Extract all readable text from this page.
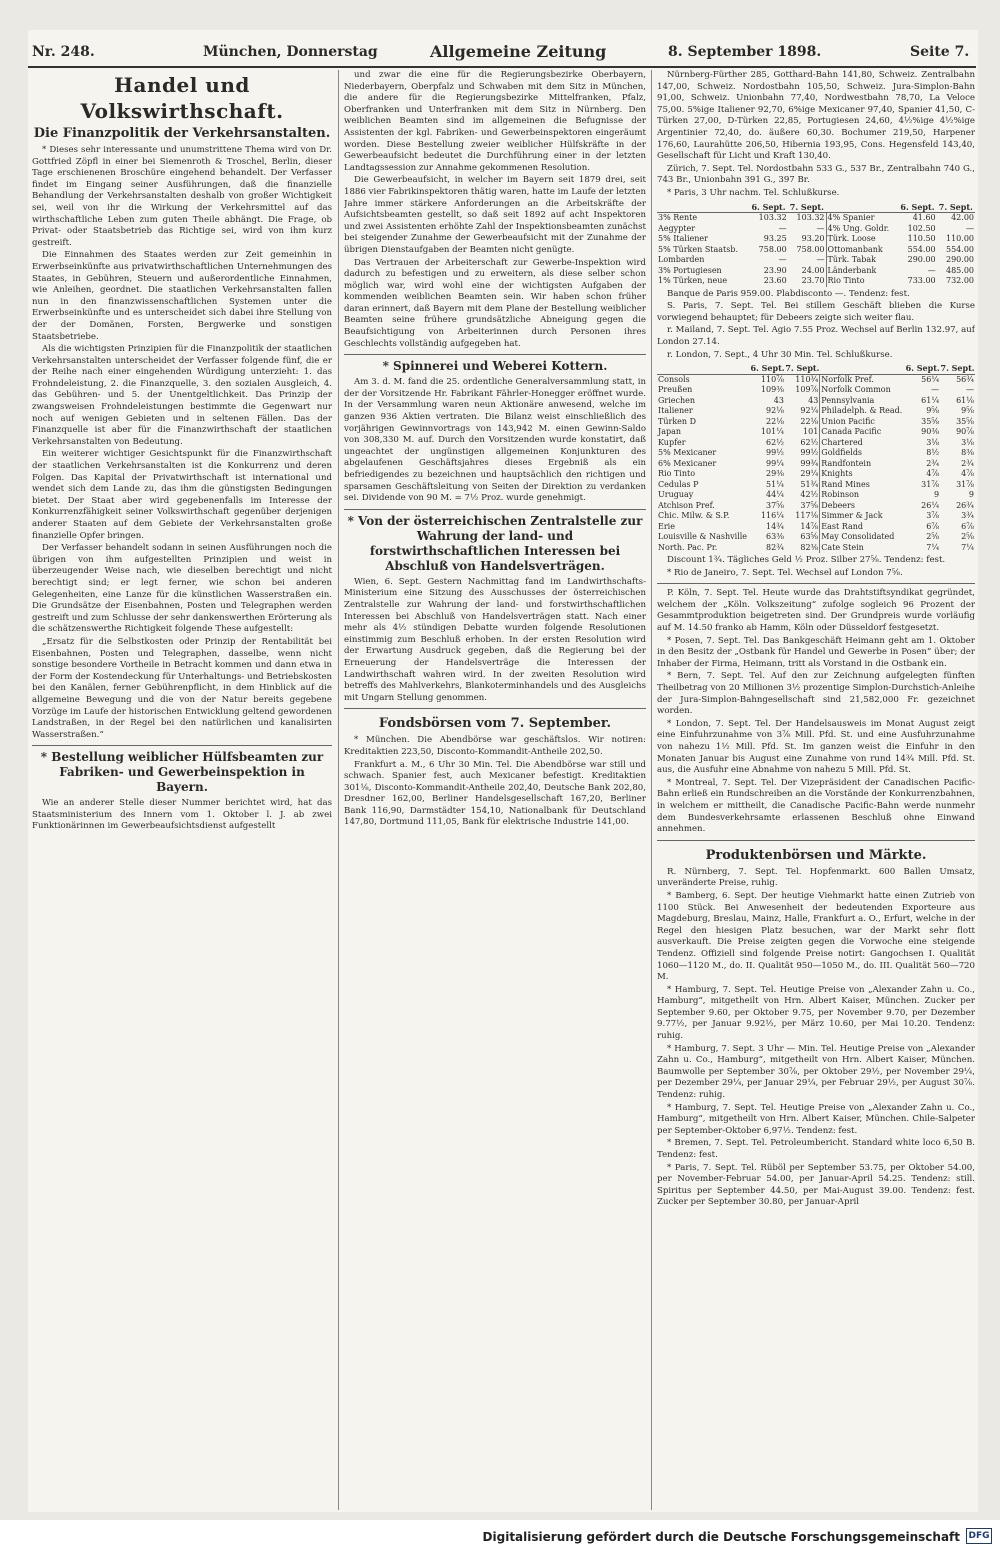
Nr. 248.	München, Donnerstag	Allgemeine Zeitung	8. September 1898.	Seite 7.
Handel und Volkswirthschaft.
Die Finanzpolitik der Verkehrsanstalten.

* Dieses sehr interessante und unumstrittene Thema wird von Dr. Gottfried Zöpfl in einer bei Siemenroth & Troschel, Berlin, dieser Tage erschienenen Broschüre eingehend behandelt. Der Verfasser findet im Eingang seiner Ausführungen, daß die finanzielle Behandlung der Verkehrsanstalten deshalb von großer Wichtigkeit sei, weil von ihr die Wirkung der Verkehrsmittel auf das wirthschaftliche Leben zum guten Theile abhängt. Die Frage, ob Privat- oder Staatsbetrieb das Richtige sei, wird von ihm kurz gestreift.

Die Einnahmen des Staates werden zur Zeit gemeinhin in Erwerbseinkünfte aus privatwirthschaftlichen Unternehmungen des Staates, in Gebühren, Steuern und außerordentliche Einnahmen, wie Anleihen, geordnet. Die staatlichen Verkehrsanstalten fallen nun in den finanzwissenschaftlichen Systemen unter die Erwerbseinkünfte und es unterscheidet sich dabei ihre Stellung von der der Domänen, Forsten, Bergwerke und sonstigen Staatsbetriebe.

Als die wichtigsten Prinzipien für die Finanzpolitik der staatlichen Verkehrsanstalten unterscheidet der Verfasser folgende fünf, die er der Reihe nach einer eingehenden Würdigung unterzieht: 1. das Frohndeleistung, 2. die Finanzquelle, 3. den sozialen Ausgleich, 4. das Gebühren- und 5. der Unentgeltlichkeit. Das Prinzip der zwangsweisen Frohndeleistungen bestimmte die Gegenwart nur noch auf wenigen Gebieten und in seltenen Fällen. Das der Finanzquelle ist aber für die Finanzwirthschaft der staatlichen Verkehrsanstalten von Bedeutung.

Ein weiterer wichtiger Gesichtspunkt für die Finanzwirthschaft der staatlichen Verkehrsanstalten ist die Konkurrenz und deren Folgen. Das Kapital der Privatwirthschaft ist international und wendet sich dem Lande zu, das ihm die günstigsten Bedingungen bietet. Der Staat aber wird gegebenenfalls im Interesse der Konkurrenzfähigkeit seiner Volkswirthschaft gegenüber derjenigen anderer Staaten auf dem Gebiete der Verkehrsanstalten große finanzielle Opfer bringen.

Der Verfasser behandelt sodann in seinen Ausführungen noch die übrigen von ihm aufgestellten Prinzipien und weist in überzeugender Weise nach, wie dieselben berechtigt und nicht berechtigt sind; er legt ferner, wie schon bei anderen Gelegenheiten, eine Lanze für die künstlichen Wasserstraßen ein. Die Grundsätze der Eisenbahnen, Posten und Telegraphen werden gestreift und zum Schlusse der sehr dankenswerthen Erörterung als die schätzenswerthe Richtigkeit folgende These aufgestellt:

„Ersatz für die Selbstkosten oder Prinzip der Rentabilität bei Eisenbahnen, Posten und Telegraphen, dasselbe, wenn nicht sonstige besondere Vortheile in Betracht kommen und dann etwa in der Form der Kostendeckung für Unterhaltungs- und Betriebskosten bei den Kanälen, ferner Gebührenpflicht, in dem Hinblick auf die allgemeine Bewegung und die von der Natur bereits gegebene Vorzüge im Laufe der historischen Entwicklung geltend gewordenen Landstraßen, in der Regel bei den natürlichen und kanalisirten Wasserstraßen.“

* Bestellung weiblicher Hülfsbeamten zur Fabriken- und Gewerbeinspektion in Bayern.

Wie an anderer Stelle dieser Nummer berichtet wird, hat das Staatsministerium des Innern vom 1. Oktober l. J. ab zwei Funktionärinnen im Gewerbeaufsichtsdienst aufgestellt

und zwar die eine für die Regierungsbezirke Oberbayern, Niederbayern, Oberpfalz und Schwaben mit dem Sitz in München, die andere für die Regierungsbezirke Mittelfranken, Pfalz, Oberfranken und Unterfranken mit dem Sitz in Nürnberg. Den weiblichen Beamten sind im allgemeinen die Befugnisse der Assistenten der kgl. Fabriken- und Gewerbeinspektoren eingeräumt worden. Diese Bestellung zweier weiblicher Hülfskräfte in der Gewerbeaufsicht bedeutet die Durchführung einer in der letzten Landtagssession zur Annahme gekommenen Resolution.

Die Gewerbeaufsicht, in welcher im Bayern seit 1879 drei, seit 1886 vier Fabrikinspektoren thätig waren, hatte im Laufe der letzten Jahre immer stärkere Anforderungen an die Arbeitskräfte der Aufsichtsbeamten gestellt, so daß seit 1892 auf acht Inspektoren und zwei Assistenten erhöhte Zahl der Inspektionsbeamten zunächst bei steigender Zunahme der Gewerbeaufsicht mit der Zunahme der übrigen Dienstaufgaben der Beamten nicht genügte.

Das Vertrauen der Arbeiterschaft zur Gewerbe-Inspektion wird dadurch zu befestigen und zu erweitern, als diese selber schon möglich war, wird wohl eine der wichtigsten Aufgaben der kommenden weiblichen Beamten sein. Wir haben schon früher daran erinnert, daß Bayern mit dem Plane der Bestellung weiblicher Beamten seine frühere grundsätzliche Abneigung gegen die Beaufsichtigung von Arbeiterinnen durch Personen ihres Geschlechts vollständig aufgegeben hat.

* Spinnerei und Weberei Kottern.

Am 3. d. M. fand die 25. ordentliche Generalversammlung statt, in der der Vorsitzende Hr. Fabrikant Fährler-Honegger eröffnet wurde. In der Versammlung waren neun Aktionäre anwesend, welche im ganzen 936 Aktien vertraten. Die Bilanz weist einschließlich des vorjährigen Gewinnvortrags von 143,942 M. einen Gewinn-Saldo von 308,330 M. auf. Durch den Vorsitzenden wurde konstatirt, daß ungeachtet der ungünstigen allgemeinen Konjunkturen des abgelaufenen Geschäftsjahres dieses Ergebniß als ein befriedigendes zu bezeichnen und hauptsächlich den richtigen und sparsamen Geschäftsleitung von Seiten der Direktion zu verdanken sei. Dividende von 90 M. = 7½ Proz. wurde genehmigt.

* Von der österreichischen Zentralstelle zur Wahrung der land- und forstwirthschaftlichen Interessen bei Abschluß von Handelsverträgen.

Wien, 6. Sept. Gestern Nachmittag fand im Landwirthschafts-Ministerium eine Sitzung des Ausschusses der österreichischen Zentralstelle zur Wahrung der land- und forstwirthschaftlichen Interessen bei Abschluß von Handelsverträgen statt. Nach einer mehr als 4½ stündigen Debatte wurden folgende Resolutionen einstimmig zum Beschluß erhoben. In der ersten Resolution wird der Erwartung Ausdruck gegeben, daß die Regierung bei der Erneuerung der Handelsverträge die Interessen der Landwirthschaft wahren wird. In der zweiten Resolution wird betreffs des Mahlverkehrs, Blankoterminhandels und des Ausgleichs mit Ungarn Stellung genommen.

Fondsbörsen vom 7. September.

* München. Die Abendbörse war geschäftslos. Wir notiren: Kreditaktien 223,50, Disconto-Kommandit-Antheile 202,50.

Frankfurt a. M., 6 Uhr 30 Min. Tel. Die Abendbörse war still und schwach. Spanier fest, auch Mexicaner befestigt. Kreditaktien 301⅛, Disconto-Kommandit-Antheile 202,40, Deutsche Bank 202,80, Dresdner 162,00, Berliner Handelsgesellschaft 167,20, Berliner Bank 116,90, Darmstädter 154,10, Nationalbank für Deutschland 147,80, Dortmund 111,05, Bank für elektrische Industrie 141,00.

Nürnberg-Fürther 285, Gotthard-Bahn 141,80, Schweiz. Zentralbahn 147,00, Schweiz. Nordostbahn 105,50, Schweiz. Jura-Simplon-Bahn 91,00, Schweiz. Unionbahn 77,40, Nordwestbahn 78,70, La Veloce 75,00. 5%ige Italiener 92,70, 6%ige Mexicaner 97,40, Spanier 41,50, C-Türken 27,00, D-Türken 22,85, Portugiesen 24,60, 4½%ige 4½%ige Argentinier 72,40, do. äußere 60,30. Bochumer 219,50, Harpener 176,60, Laurahütte 206,50, Hibernia 193,95, Cons. Hegensfeld 143,40, Gesellschaft für Licht und Kraft 130,40.

Zürich, 7. Sept. Tel. Nordostbahn 533 G., 537 Br., Zentralbahn 740 G., 743 Br., Unionbahn 391 G., 397 Br.

* Paris, 3 Uhr nachm. Tel. Schlußkurse.

	6. Sept.	7. Sept.		6. Sept.	7. Sept.
3% Rente	103.32	103.32	4% Spanier	41.60	42.00
Aegypter	—	—	4% Ung. Goldr.	102.50	—
5% Italiener	93.25	93.20	Türk. Loose	110.50	110.00
5% Türken Staatsb.	758.00	758.00	Ottomanbank	554.00	554.00
Lombarden	—	—	Türk. Tabak	290.00	290.00
3% Portugiesen	23.90	24.00	Länderbank	—	485.00
1% Türken, neue	23.60	23.70	Rio Tinto	733.00	732.00

Banque de Paris 959.00. Plabdisconto —. Tendenz: fest.

S. Paris, 7. Sept. Tel. Bei stillem Geschäft blieben die Kurse vorwiegend behauptet; für Debeers zeigte sich weiter flau.

r. Mailand, 7. Sept. Tel. Agio 7.55 Proz. Wechsel auf Berlin 132.97, auf London 27.14.

r. London, 7. Sept., 4 Uhr 30 Min. Tel. Schlußkurse.

	6. Sept.	7. Sept.		6. Sept.	7. Sept.
Consols	110⅞	110¾	Norfolk Pref.	56¼	56¾
Preußen	109⅜	109⅞	Norfolk Common	—	—
Griechen	43	43	Pennsylvania	61¼	61⅛
Italiener	92⅛	92¼	Philadelph. & Read.	9⅝	9⅝
Türken D	22⅛	22⅛	Union Pacific	35⅝	35⅝
Japan	101¼	101	Canada Pacific	90⅜	90⅞
Kupfer	62½	62½	Chartered	3⅛	3⅛
5% Mexicaner	99½	99½	Goldfields	8½	8⅜
6% Mexicaner	99¼	99¾	Randfontein	2¾	2¾
Rio Tinto	29⅜	29¼	Knights	4⅞	4⅞
Cedulas P	51¼	51¾	Rand Mines	31⅞	31⅞
Uruguay	44¼	42½	Robinson	9	9
Atchison Pref.	37⅝	37⅝	Debeers	26¼	26¾
Chic. Milw. & S.P.	116¼	117⅛	Simmer & Jack	3⅞	3¾
Erie	14¾	14⅞	East Rand	6⅞	6⅞
Louisville & Nashville	63⅜	63⅝	May Consolidated	2⅝	2⅝
North. Pac. Pr.	82¾	82⅜	Cate Stein	7¼	7¼

Discount 1¾. Tägliches Geld ½ Proz. Silber 27⅝. Tendenz: fest.

* Rio de Janeiro, 7. Sept. Tel. Wechsel auf London 7⅝.

P. Köln, 7. Sept. Tel. Heute wurde das Drahtstiftsyndikat gegründet, welchem der „Köln. Volkszeitung“ zufolge sogleich 96 Prozent der Gesammtproduktion beigetreten sind. Der Grundpreis wurde vorläufig auf M. 14.50 franko ab Hamm, Köln oder Düsseldorf festgesetzt.

* Posen, 7. Sept. Tel. Das Bankgeschäft Heimann geht am 1. Oktober in den Besitz der „Ostbank für Handel und Gewerbe in Posen“ über; der Inhaber der Firma, Heimann, tritt als Vorstand in die Ostbank ein.

* Bern, 7. Sept. Tel. Auf den zur Zeichnung aufgelegten fünften Theilbetrag von 20 Millionen 3½ prozentige Simplon-Durchstich-Anleihe der Jura-Simplon-Bahngesellschaft sind 21,582,000 Fr. gezeichnet worden.

* London, 7. Sept. Tel. Der Handelsausweis im Monat August zeigt eine Einfuhrzunahme von 3⅞ Mill. Pfd. St. und eine Ausfuhrzunahme von nahezu 1½ Mill. Pfd. St. Im ganzen weist die Einfuhr in den Monaten Januar bis August eine Zunahme von rund 14¾ Mill. Pfd. St. aus, die Ausfuhr eine Abnahme von nahezu 5 Mill. Pfd. St.

* Montreal, 7. Sept. Tel. Der Vizepräsident der Canadischen Pacific-Bahn erließ ein Rundschreiben an die Vorstände der Konkurrenzbahnen, in welchem er mittheilt, die Canadische Pacific-Bahn werde nunmehr dem Bundesverkehrsamte erlassenen Beschluß ohne Einwand annehmen.

Produktenbörsen und Märkte.

R. Nürnberg, 7. Sept. Tel. Hopfenmarkt. 600 Ballen Umsatz, unveränderte Preise, ruhig.

* Bamberg, 6. Sept. Der heutige Viehmarkt hatte einen Zutrieb von 1100 Stück. Bei Anwesenheit der bedeutenden Exporteure aus Magdeburg, Breslau, Mainz, Halle, Frankfurt a. O., Erfurt, welche in der Regel den hiesigen Platz besuchen, war der Markt sehr flott ausverkauft. Die Preise zeigten gegen die Vorwoche eine steigende Tendenz. Offiziell sind folgende Preise notirt: Gangochsen I. Qualität 1060—1120 M., do. II. Qualität 950—1050 M., do. III. Qualität 560—720 M.

* Hamburg, 7. Sept. Tel. Heutige Preise von „Alexander Zahn u. Co., Hamburg“, mitgetheilt von Hrn. Albert Kaiser, München. Zucker per September 9.60, per Oktober 9.75, per November 9.70, per Dezember 9.77½, per Januar 9.92½, per März 10.60, per Mai 10.20. Tendenz: ruhig.

* Hamburg, 7. Sept. 3 Uhr — Min. Tel. Heutige Preise von „Alexander Zahn u. Co., Hamburg“, mitgetheilt von Hrn. Albert Kaiser, München. Baumwolle per September 30⅞, per Oktober 29½, per November 29¼, per Dezember 29¼, per Januar 29¼, per Februar 29½, per August 30⅞. Tendenz: ruhig.

* Hamburg, 7. Sept. Tel. Heutige Preise von „Alexander Zahn u. Co., Hamburg“, mitgetheilt von Hrn. Albert Kaiser, München. Chile-Salpeter per September-Oktober 6,97½. Tendenz: fest.

* Bremen, 7. Sept. Tel. Petroleumbericht. Standard white loco 6,50 B. Tendenz: fest.

* Paris, 7. Sept. Tel. Rüböl per September 53.75, per Oktober 54.00, per November-Februar 54.00, per Januar-April 54.25. Tendenz: still. Spiritus per September 44.50, per Mai-August 39.00. Tendenz: fest. Zucker per September 30.80, per Januar-April

Digitalisierung gefördert durch die Deutsche Forschungsgemeinschaft DFG
